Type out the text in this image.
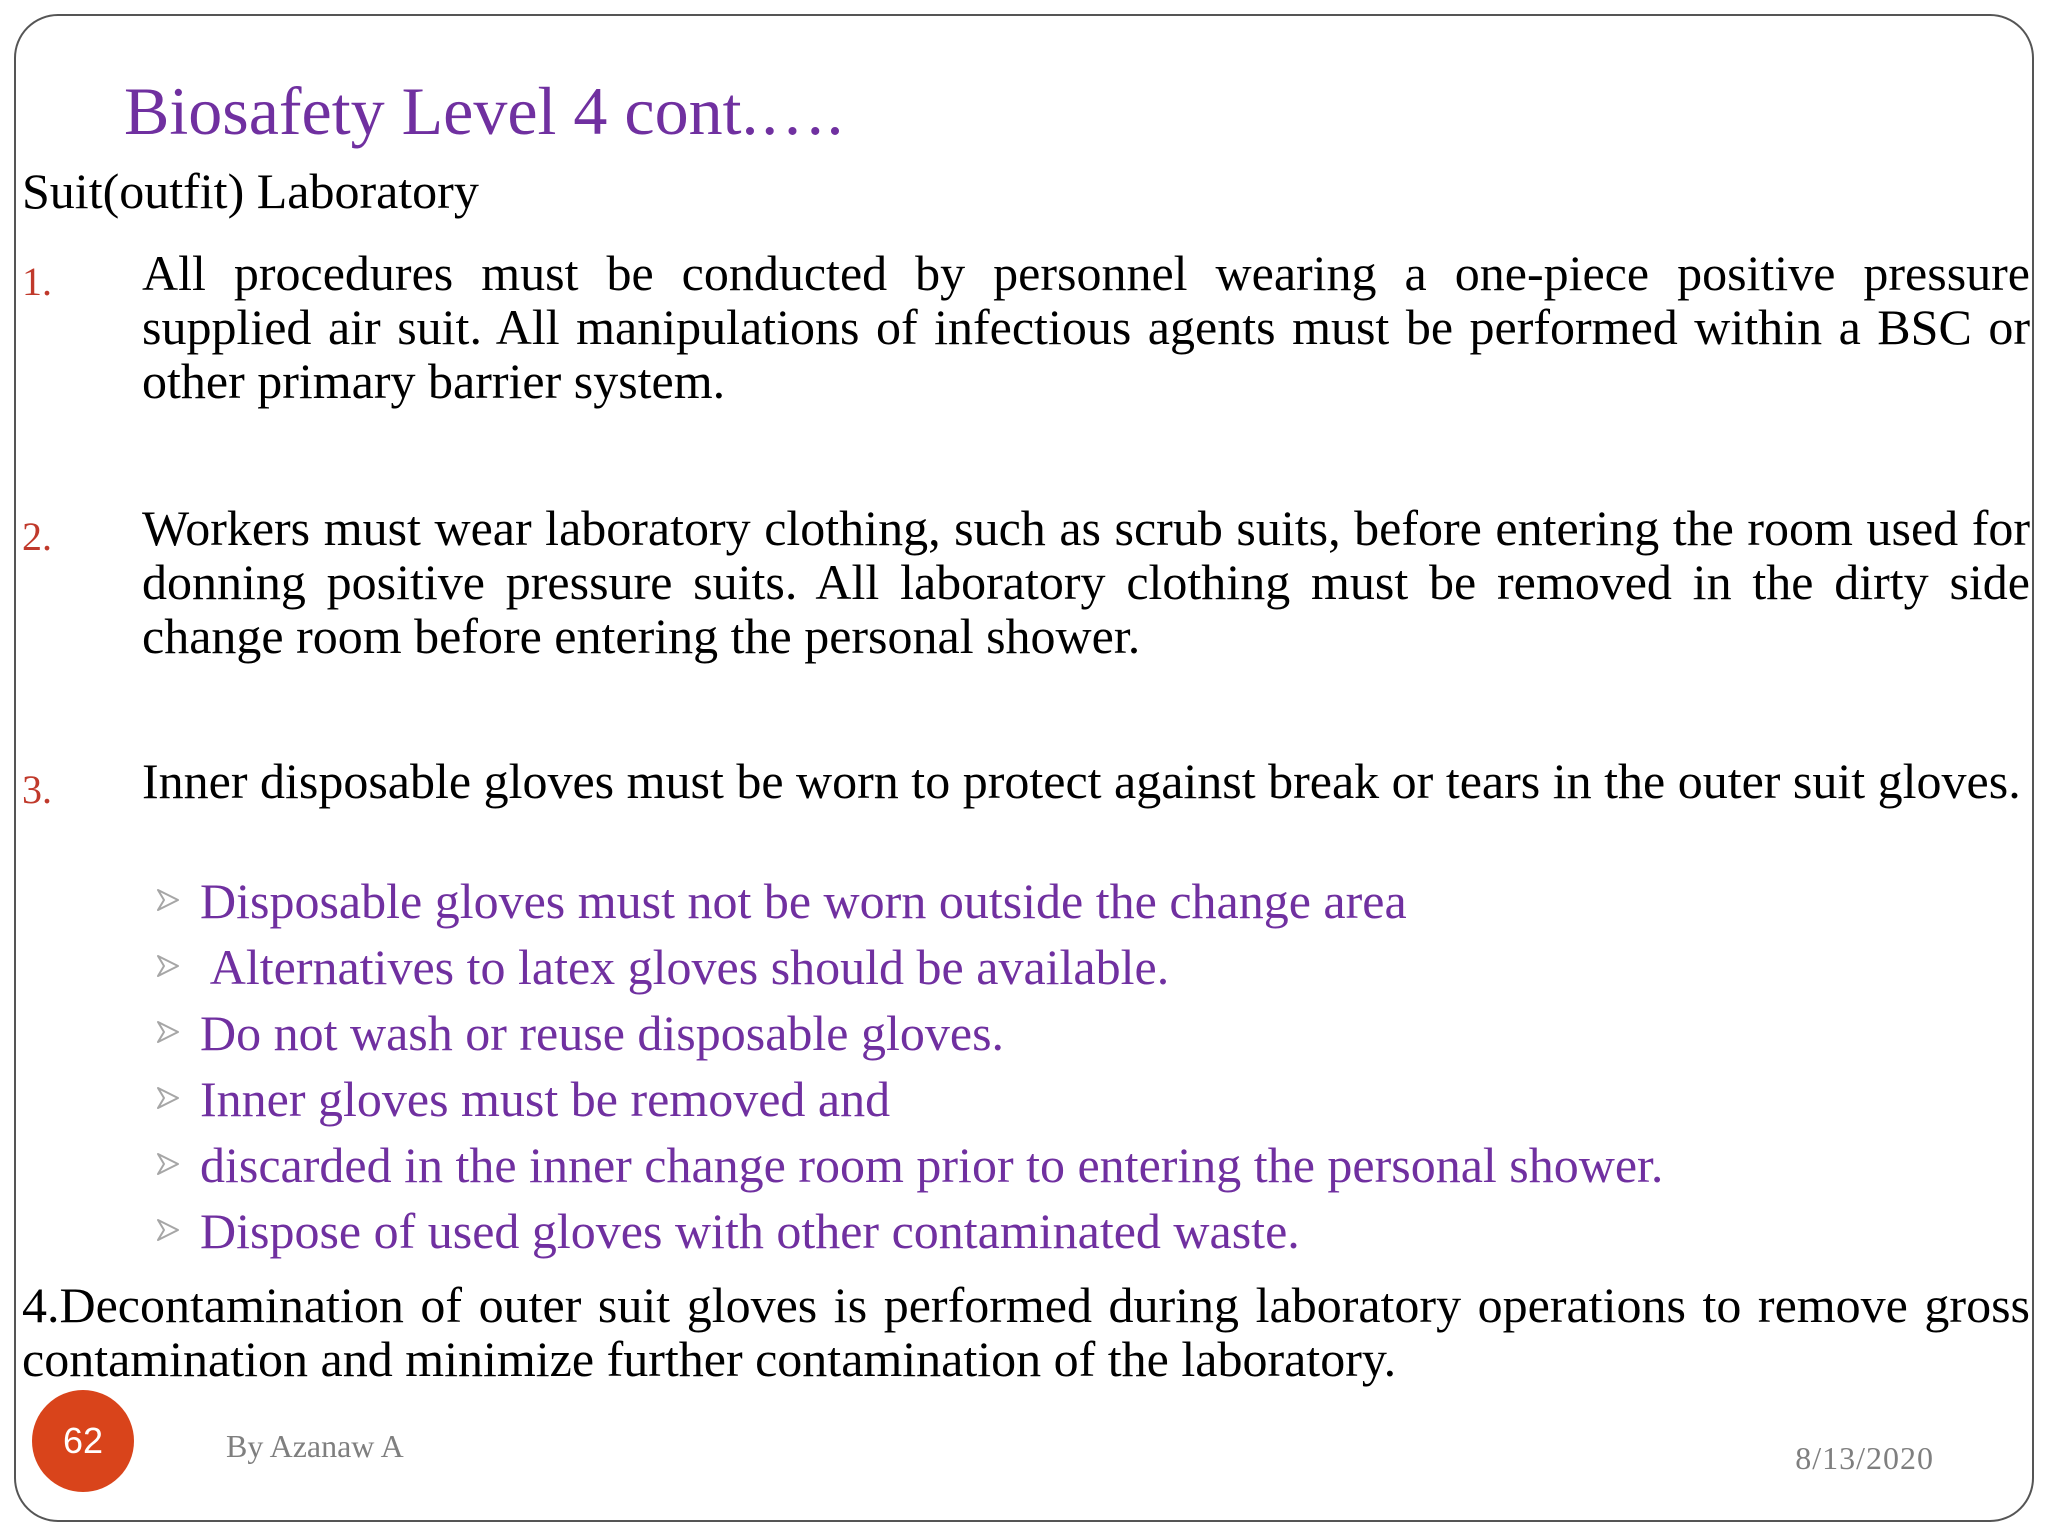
Biosafety Level 4 cont.….
Suit(outfit) Laboratory
1. All procedures must be conducted by personnel wearing a one-piece positive pressure supplied air suit. All manipulations of infectious agents must be performed within a BSC or other primary barrier system.
2. Workers must wear laboratory clothing, such as scrub suits, before entering the room used for donning positive pressure suits. All laboratory clothing must be removed in the dirty side change room before entering the personal shower.
3. Inner disposable gloves must be worn to protect against break or tears in the outer suit gloves.
Disposable gloves must not be worn outside the change area
Alternatives to latex gloves should be available.
Do not wash or reuse disposable gloves.
Inner gloves must be removed and
discarded in the inner change room prior to entering the personal shower.
Dispose of used gloves with other contaminated waste.
4.Decontamination of outer suit gloves is performed during laboratory operations to remove gross contamination and minimize further contamination of the laboratory.
62	By Azanaw A	8/13/2020
